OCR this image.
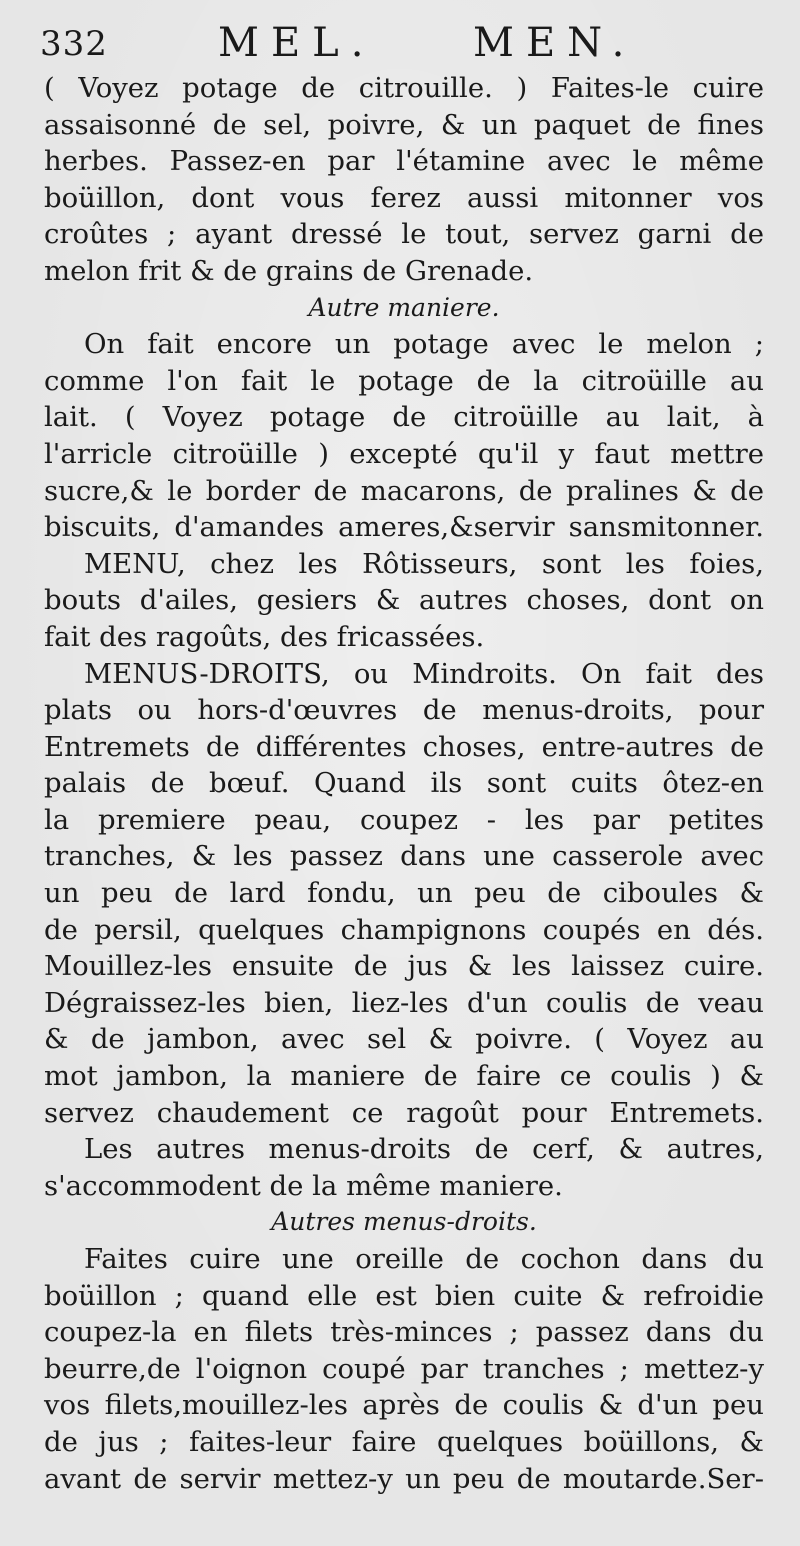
332	MEL. MEN.
( Voyez potage de citrouille. ) Faites-le cuire
assaisonné de sel, poivre, & un paquet de fines
herbes. Passez-en par l'étamine avec le même
boüillon, dont vous ferez aussi mitonner vos
croûtes ; ayant dressé le tout, servez garni de
melon frit & de grains de Grenade.
Autre maniere.
On fait encore un potage avec le melon ;
comme l'on fait le potage de la citroüille au
lait. ( Voyez potage de citroüille au lait, à
l'arricle citroüille ) excepté qu'il y faut mettre
sucre,& le border de macarons, de pralines & de
biscuits, d'amandes ameres,&servir sansmitonner.
MENU, chez les Rôtisseurs, sont les foies,
bouts d'ailes, gesiers & autres choses, dont on
fait des ragoûts, des fricassées.
MENUS-DROITS, ou Mindroits. On fait des
plats ou hors-d'œuvres de menus-droits, pour
Entremets de différentes choses, entre-autres de
palais de bœuf. Quand ils sont cuits ôtez-en
la premiere peau, coupez - les par petites
tranches, & les passez dans une casserole avec
un peu de lard fondu, un peu de ciboules &
de persil, quelques champignons coupés en dés.
Mouillez-les ensuite de jus & les laissez cuire.
Dégraissez-les bien, liez-les d'un coulis de veau
& de jambon, avec sel & poivre. ( Voyez au
mot jambon, la maniere de faire ce coulis ) &
servez chaudement ce ragoût pour Entremets.
Les autres menus-droits de cerf, & autres,
s'accommodent de la même maniere.
Autres menus-droits.
Faites cuire une oreille de cochon dans du
boüillon ; quand elle est bien cuite & refroidie
coupez-la en filets très-minces ; passez dans du
beurre,de l'oignon coupé par tranches ; mettez-y
vos filets,mouillez-les après de coulis & d'un peu
de jus ; faites-leur faire quelques boüillons, &
avant de servir mettez-y un peu de moutarde.Ser-
